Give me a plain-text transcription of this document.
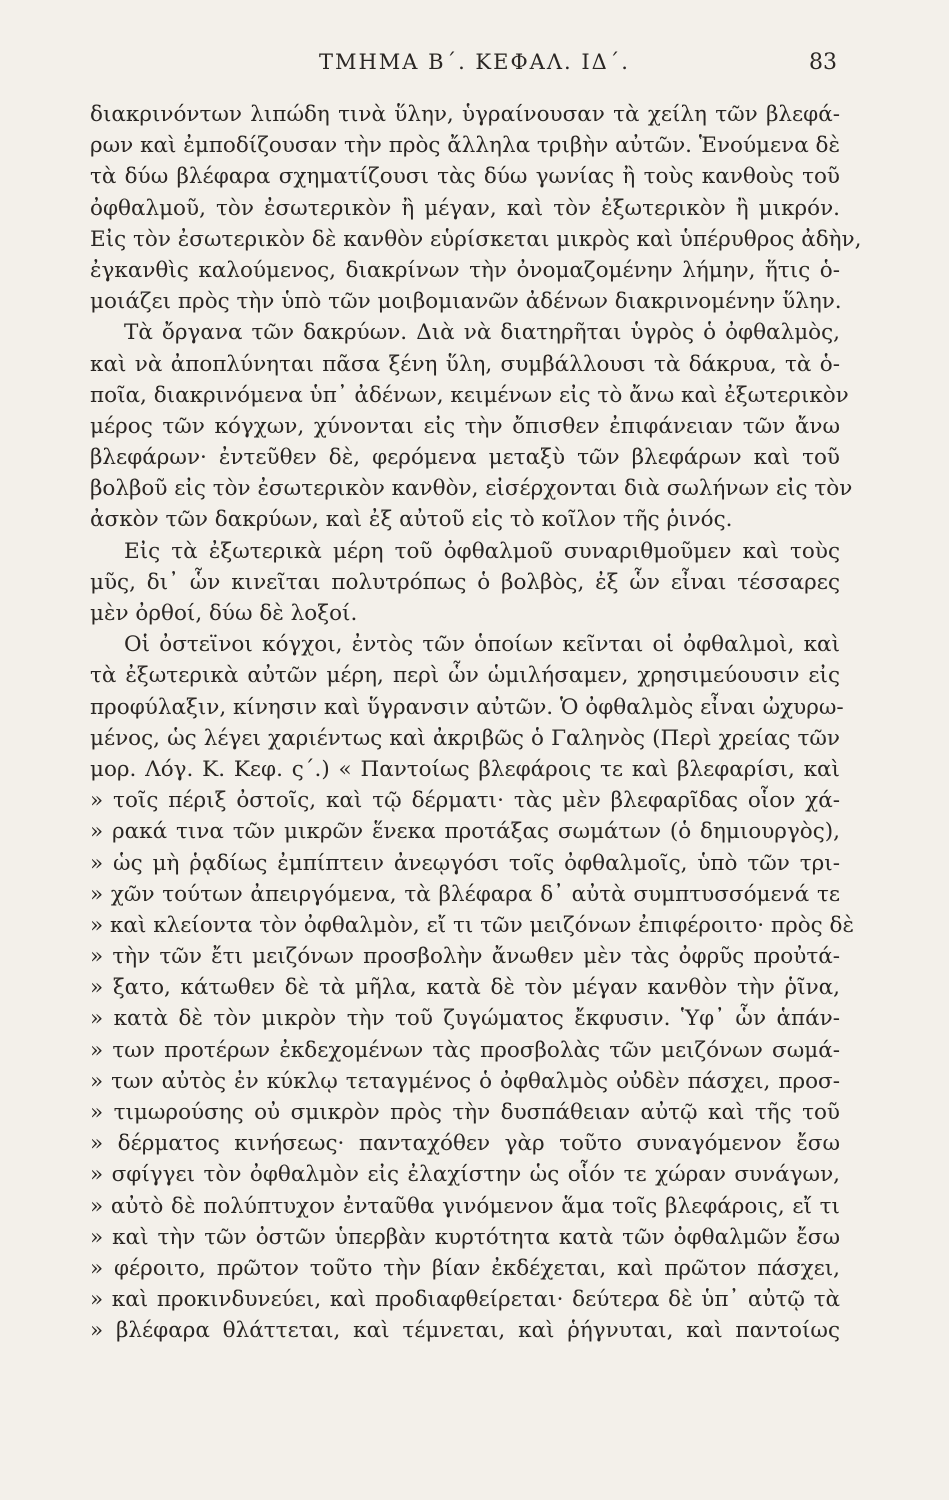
ΤΜΗΜΑ Β΄. ΚΕΦΑΛ. ΙΔ΄.	83
διακρινόντων λιπώδη τινὰ ὕλην, ὑγραίνουσαν τὰ χείλη τῶν βλεφά-
ρων καὶ ἐμποδίζουσαν τὴν πρὸς ἄλληλα τριβὴν αὐτῶν. Ἑνούμενα δὲ
τὰ δύω βλέφαρα σχηματίζουσι τὰς δύω γωνίας ἢ τοὺς κανθοὺς τοῦ
ὀφθαλμοῦ, τὸν ἐσωτερικὸν ἢ μέγαν, καὶ τὸν ἐξωτερικὸν ἢ μικρόν.
Εἰς τὸν ἐσωτερικὸν δὲ κανθὸν εὑρίσκεται μικρὸς καὶ ὑπέρυθρος ἀδὴν,
ἐγκανθὶς καλούμενος, διακρίνων τὴν ὀνομαζομένην λήμην, ἥτις ὁ-
μοιάζει πρὸς τὴν ὑπὸ τῶν μοιβομιανῶν ἀδένων διακρινομένην ὕλην.
Τὰ ὄργανα τῶν δακρύων. Διὰ νὰ διατηρῆται ὑγρὸς ὁ ὀφθαλμὸς,
καὶ νὰ ἀποπλύνηται πᾶσα ξένη ὕλη, συμβάλλουσι τὰ δάκρυα, τὰ ὁ-
ποῖα, διακρινόμενα ὑπ᾽ ἀδένων, κειμένων εἰς τὸ ἄνω καὶ ἐξωτερικὸν
μέρος τῶν κόγχων, χύνονται εἰς τὴν ὄπισθεν ἐπιφάνειαν τῶν ἄνω
βλεφάρων· ἐντεῦθεν δὲ, φερόμενα μεταξὺ τῶν βλεφάρων καὶ τοῦ
βολβοῦ εἰς τὸν ἐσωτερικὸν κανθὸν, εἰσέρχονται διὰ σωλήνων εἰς τὸν
ἀσκὸν τῶν δακρύων, καὶ ἐξ αὐτοῦ εἰς τὸ κοῖλον τῆς ῥινός.
Εἰς τὰ ἐξωτερικὰ μέρη τοῦ ὀφθαλμοῦ συναριθμοῦμεν καὶ τοὺς
μῦς, δι᾽ ὧν κινεῖται πολυτρόπως ὁ βολβὸς, ἐξ ὧν εἶναι τέσσαρες
μὲν ὀρθοί, δύω δὲ λοξοί.
Οἱ ὀστεϊνοι κόγχοι, ἐντὸς τῶν ὁποίων κεῖνται οἱ ὀφθαλμοὶ, καὶ
τὰ ἐξωτερικὰ αὐτῶν μέρη, περὶ ὧν ὡμιλήσαμεν, χρησιμεύουσιν εἰς
προφύλαξιν, κίνησιν καὶ ὕγρανσιν αὐτῶν. Ὁ ὀφθαλμὸς εἶναι ὠχυρω-
μένος, ὡς λέγει χαριέντως καὶ ἀκριβῶς ὁ Γαληνὸς (Περὶ χρείας τῶν
μορ. Λόγ. Κ. Κεφ. ς΄.) « Παντοίως βλεφάροις τε καὶ βλεφαρίσι, καὶ
» τοῖς πέριξ ὀστοῖς, καὶ τῷ δέρματι· τὰς μὲν βλεφαρῖδας οἷον χά-
» ρακά τινα τῶν μικρῶν ἕνεκα προτάξας σωμάτων (ὁ δημιουργὸς),
» ὡς μὴ ῥᾳδίως ἐμπίπτειν ἀνεῳγόσι τοῖς ὀφθαλμοῖς, ὑπὸ τῶν τρι-
» χῶν τούτων ἀπειργόμενα, τὰ βλέφαρα δ᾽ αὐτὰ συμπτυσσόμενά τε
» καὶ κλείοντα τὸν ὀφθαλμὸν, εἴ τι τῶν μειζόνων ἐπιφέροιτο· πρὸς δὲ
» τὴν τῶν ἔτι μειζόνων προσβολὴν ἄνωθεν μὲν τὰς ὀφρῦς προὐτά-
» ξατο, κάτωθεν δὲ τὰ μῆλα, κατὰ δὲ τὸν μέγαν κανθὸν τὴν ῥῖνα,
» κατὰ δὲ τὸν μικρὸν τὴν τοῦ ζυγώματος ἔκφυσιν. Ὑφ᾽ ὧν ἁπάν-
» των προτέρων ἐκδεχομένων τὰς προσβολὰς τῶν μειζόνων σωμά-
» των αὐτὸς ἐν κύκλῳ τεταγμένος ὁ ὀφθαλμὸς οὐδὲν πάσχει, προσ-
» τιμωρούσης οὐ σμικρὸν πρὸς τὴν δυσπάθειαν αὐτῷ καὶ τῆς τοῦ
» δέρματος κινήσεως· πανταχόθεν γὰρ τοῦτο συναγόμενον ἔσω
» σφίγγει τὸν ὀφθαλμὸν εἰς ἐλαχίστην ὡς οἷόν τε χώραν συνάγων,
» αὐτὸ δὲ πολύπτυχον ἐνταῦθα γινόμενον ἅμα τοῖς βλεφάροις, εἴ τι
» καὶ τὴν τῶν ὀστῶν ὑπερβὰν κυρτότητα κατὰ τῶν ὀφθαλμῶν ἔσω
» φέροιτο, πρῶτον τοῦτο τὴν βίαν ἐκδέχεται, καὶ πρῶτον πάσχει,
» καὶ προκινδυνεύει, καὶ προδιαφθείρεται· δεύτερα δὲ ὑπ᾽ αὐτῷ τὰ
» βλέφαρα θλάττεται, καὶ τέμνεται, καὶ ῥήγνυται, καὶ παντοίως
